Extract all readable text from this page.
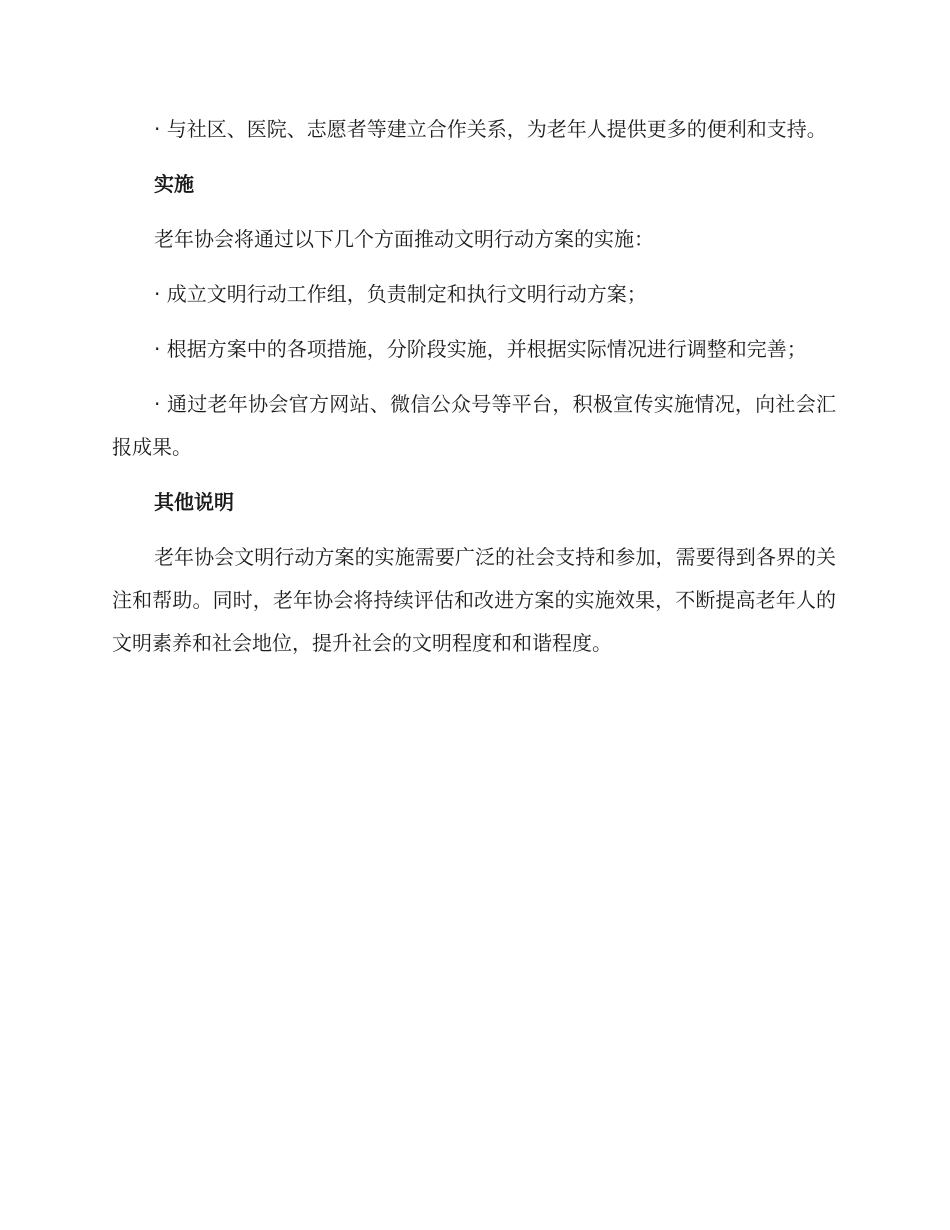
· 与社区、医院、志愿者等建立合作关系，为老年人提供更多的便利和支持。

实施

老年协会将通过以下几个方面推动文明行动方案的实施：

· 成立文明行动工作组，负责制定和执行文明行动方案；

· 根据方案中的各项措施，分阶段实施，并根据实际情况进行调整和完善；

· 通过老年协会官方网站、微信公众号等平台，积极宣传实施情况，向社会汇报成果。

其他说明

老年协会文明行动方案的实施需要广泛的社会支持和参加，需要得到各界的关注和帮助。同时，老年协会将持续评估和改进方案的实施效果，不断提高老年人的文明素养和社会地位，提升社会的文明程度和和谐程度。
